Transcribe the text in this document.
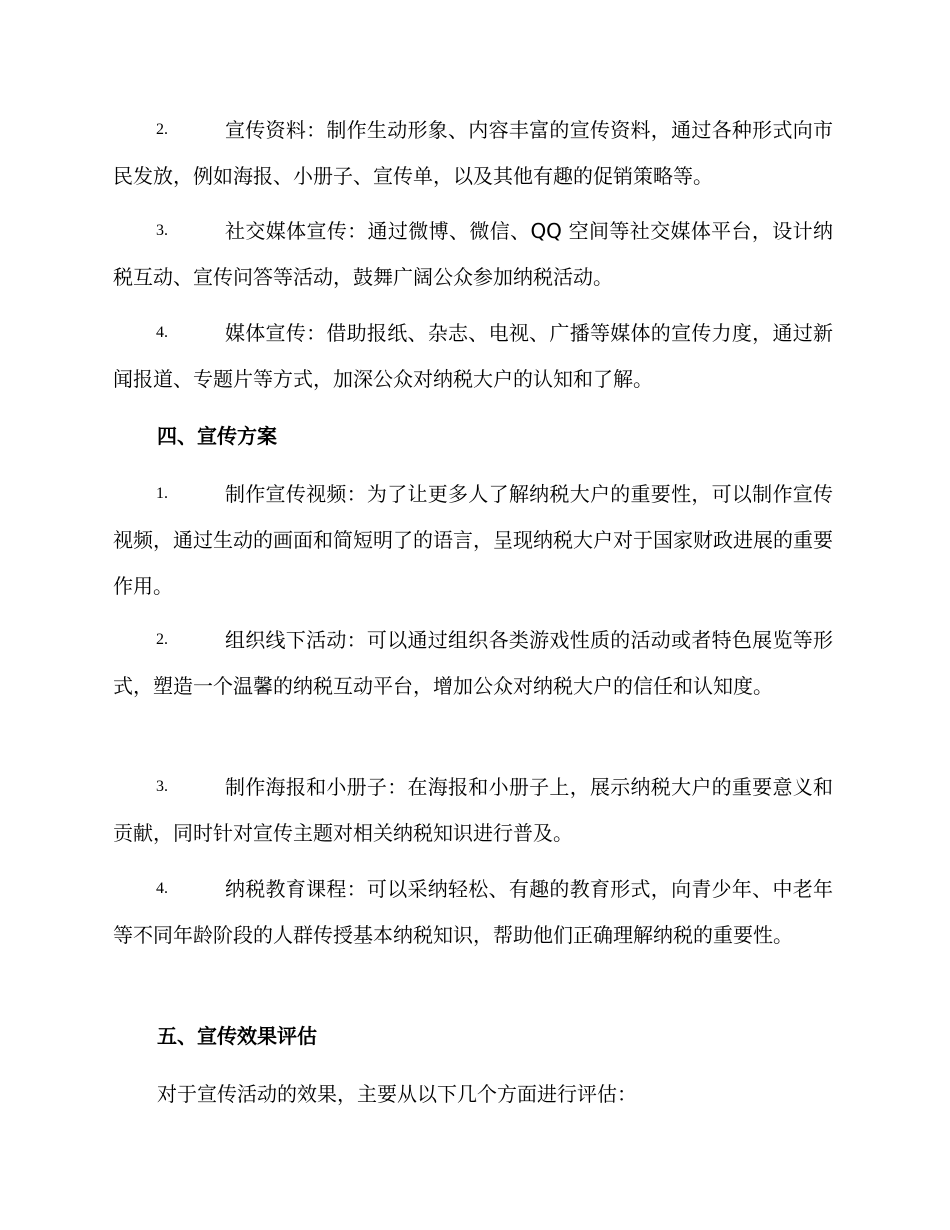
2.	宣传资料：制作生动形象、内容丰富的宣传资料，通过各种形式向市民发放，例如海报、小册子、宣传单，以及其他有趣的促销策略等。

3.	社交媒体宣传：通过微博、微信、QQ 空间等社交媒体平台，设计纳税互动、宣传问答等活动，鼓舞广阔公众参加纳税活动。

4.	媒体宣传：借助报纸、杂志、电视、广播等媒体的宣传力度，通过新闻报道、专题片等方式，加深公众对纳税大户的认知和了解。

四、宣传方案

1.	制作宣传视频：为了让更多人了解纳税大户的重要性，可以制作宣传视频，通过生动的画面和简短明了的语言，呈现纳税大户对于国家财政进展的重要作用。

2.	组织线下活动：可以通过组织各类游戏性质的活动或者特色展览等形式，塑造一个温馨的纳税互动平台，增加公众对纳税大户的信任和认知度。

3.	制作海报和小册子：在海报和小册子上，展示纳税大户的重要意义和贡献，同时针对宣传主题对相关纳税知识进行普及。

4.	纳税教育课程：可以采纳轻松、有趣的教育形式，向青少年、中老年等不同年龄阶段的人群传授基本纳税知识，帮助他们正确理解纳税的重要性。

五、宣传效果评估

对于宣传活动的效果，主要从以下几个方面进行评估：
